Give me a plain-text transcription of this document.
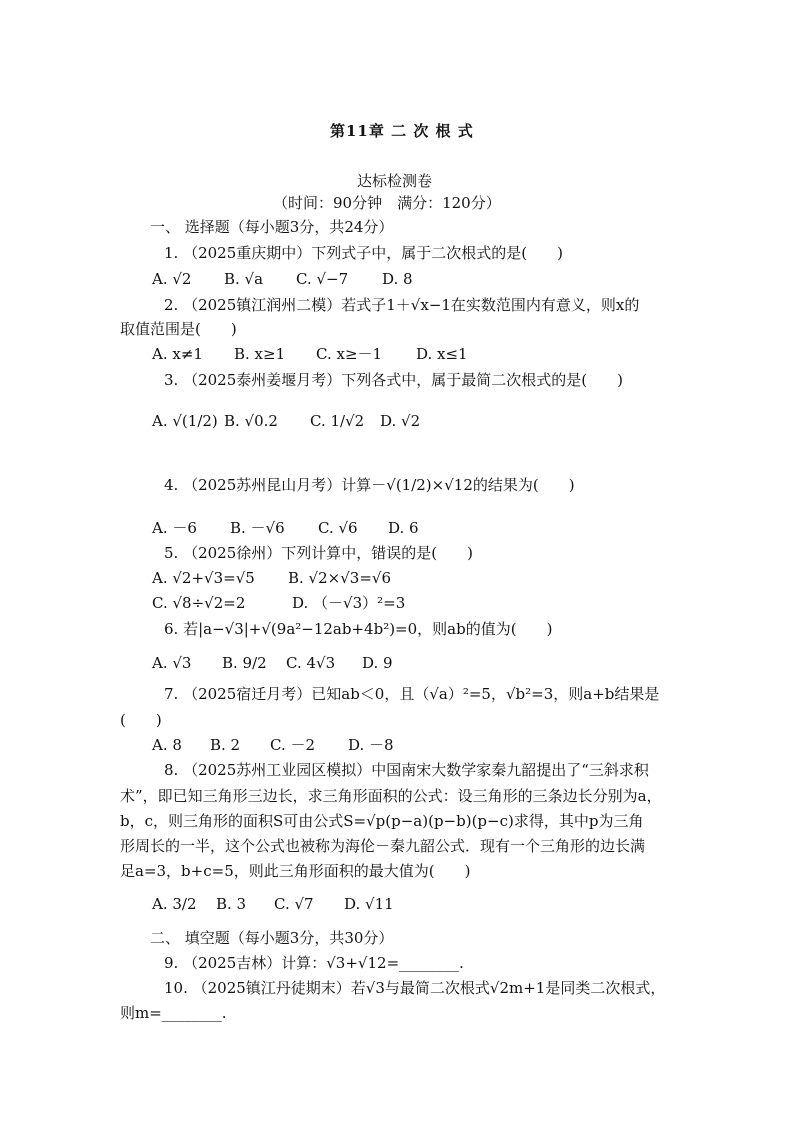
第11章 二 次 根 式
达标检测卷
（时间：90分钟　满分：120分）
一、 选择题（每小题3分，共24分）
1. （2025重庆期中）下列式子中，属于二次根式的是(　　)
A. √2 B. √a C. √−7 D. 8
2. （2025镇江润州二模）若式子1＋√x−1在实数范围内有意义，则x的
取值范围是(　　)
A. x≠1 B. x≥1 C. x≥－1 D. x≤1
3. （2025泰州姜堰月考）下列各式中，属于最简二次根式的是(　　)
A. √(1/2) B. √0.2 C. 1/√2 D. √2
4. （2025苏州昆山月考）计算－√(1/2)×√12的结果为(　　)
A. －6 B. －√6 C. √6 D. 6
5. （2025徐州）下列计算中，错误的是(　　)
A. √2+√3=√5 B. √2×√3=√6
C. √8÷√2=2	D. （－√3）²=3
6. 若|a−√3|+√(9a²−12ab+4b²)=0，则ab的值为(　　)
A. √3 B. 9/2 C. 4√3 D. 9
7. （2025宿迁月考）已知ab＜0，且（√a）²=5，√b²=3，则a+b结果是
(　　)
A. 8 B. 2 C. －2 D. －8
8. （2025苏州工业园区模拟）中国南宋大数学家秦九韶提出了“三斜求积
术”，即已知三角形三边长，求三角形面积的公式：设三角形的三条边长分别为a，
b，c，则三角形的面积S可由公式S=√p(p−a)(p−b)(p−c)求得，其中p为三角
形周长的一半，这个公式也被称为海伦－秦九韶公式．现有一个三角形的边长满
足a=3，b+c=5，则此三角形面积的最大值为(　　)
A. 3/2 B. 3 C. √7 D. √11
二、 填空题（每小题3分，共30分）
9. （2025吉林）计算：√3+√12=________.
10. （2025镇江丹徒期末）若√3与最简二次根式√2m+1是同类二次根式，
则m=________.
